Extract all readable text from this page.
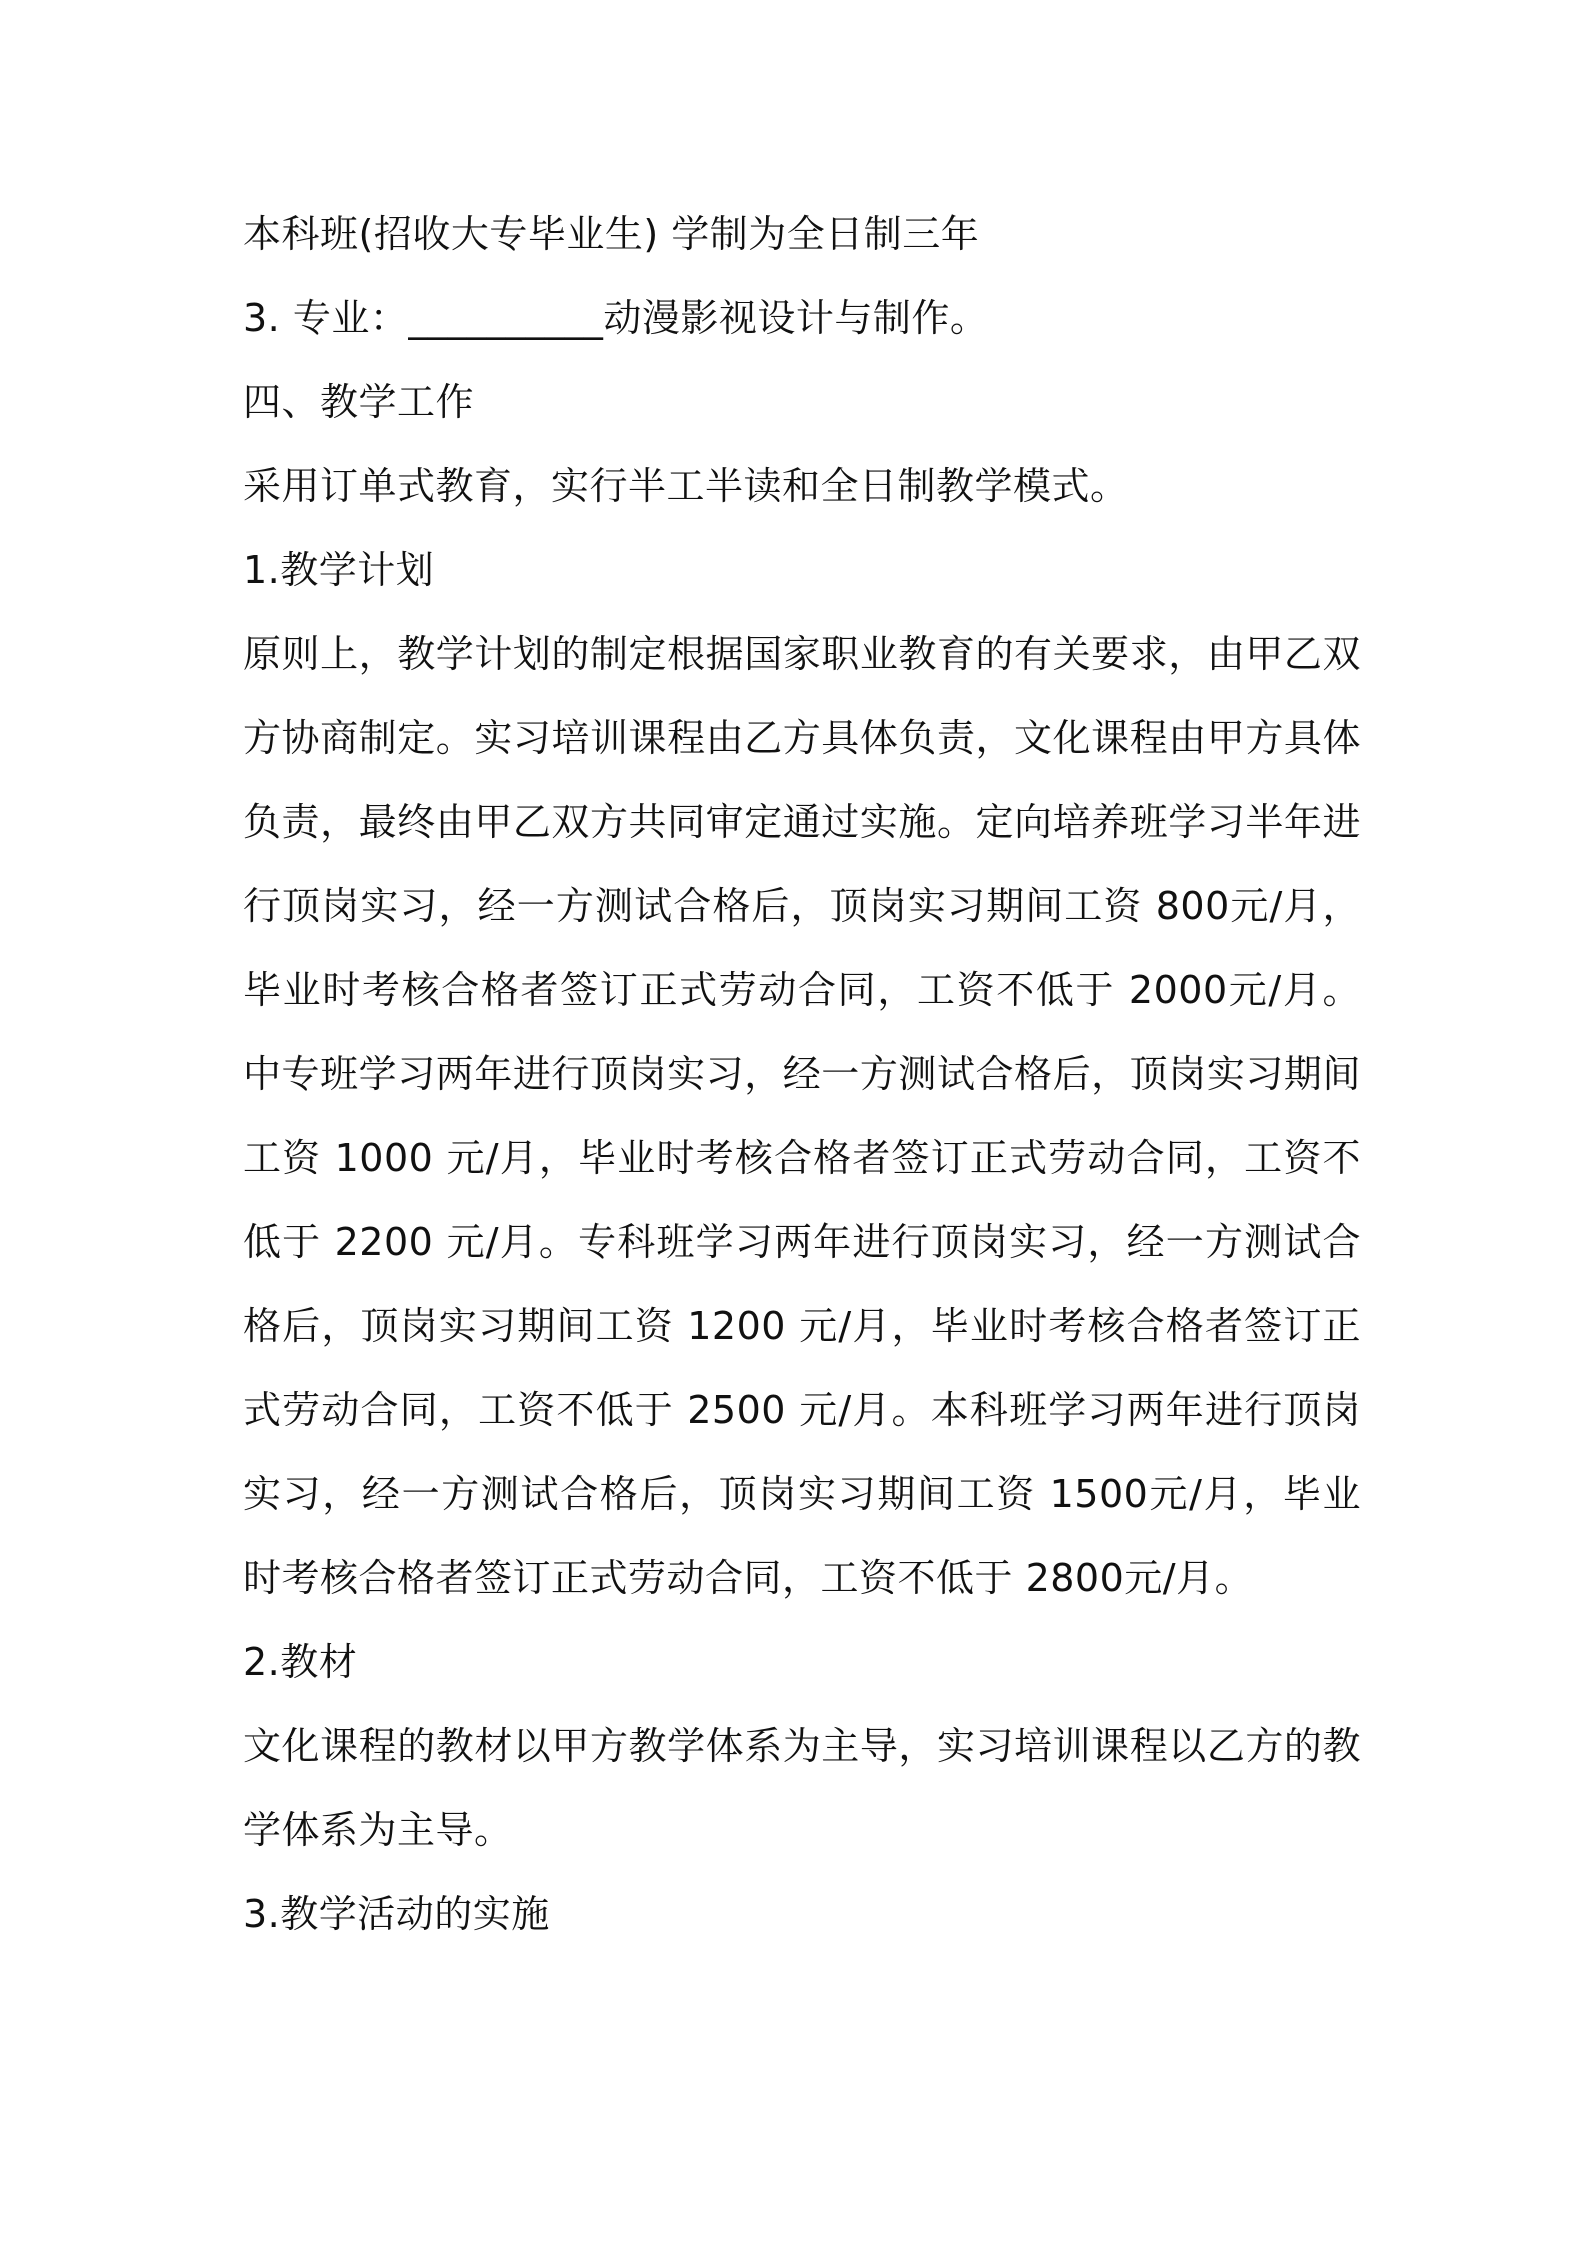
本科班(招收大专毕业生) 学制为全日制三年
3. 专业：__________动漫影视设计与制作。
四、教学工作
采用订单式教育，实行半工半读和全日制教学模式。
1.教学计划
原则上，教学计划的制定根据国家职业教育的有关要求，由甲乙双方协商制定。实习培训课程由乙方具体负责，文化课程由甲方具体负责，最终由甲乙双方共同审定通过实施。定向培养班学习半年进行顶岗实习，经一方测试合格后，顶岗实习期间工资 800元/月，毕业时考核合格者签订正式劳动合同，工资不低于 2000元/月。中专班学习两年进行顶岗实习，经一方测试合格后，顶岗实习期间工资 1000 元/月，毕业时考核合格者签订正式劳动合同，工资不低于 2200 元/月。专科班学习两年进行顶岗实习，经一方测试合格后，顶岗实习期间工资 1200 元/月，毕业时考核合格者签订正式劳动合同，工资不低于 2500 元/月。本科班学习两年进行顶岗实习，经一方测试合格后，顶岗实习期间工资 1500元/月，毕业时考核合格者签订正式劳动合同，工资不低于 2800元/月。
2.教材
文化课程的教材以甲方教学体系为主导，实习培训课程以乙方的教学体系为主导。
3.教学活动的实施
